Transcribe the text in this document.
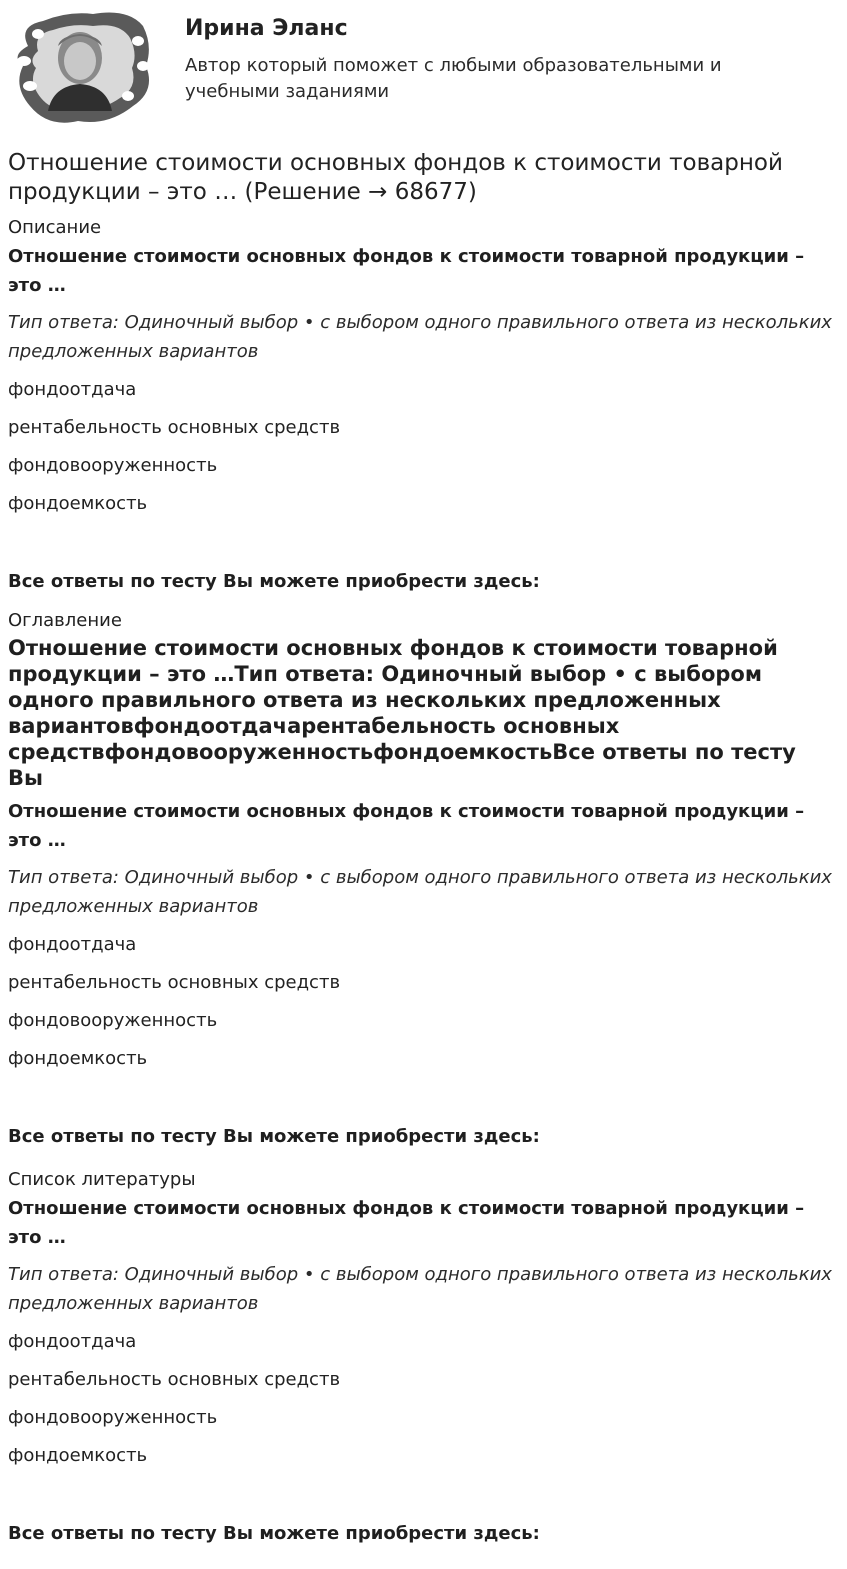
Ирина Эланс
Автор который поможет с любыми образовательными и учебными заданиями
Отношение стоимости основных фондов к стоимости товарной продукции – это … (Решение → 68677)

Описание

Отношение стоимости основных фондов к стоимости товарной продукции – это …

Тип ответа: Одиночный выбор • с выбором одного правильного ответа из нескольких предложенных вариантов

фондоотдача

рентабельность основных средств

фондовооруженность

фондоемкость

Все ответы по тесту Вы можете приобрести здесь:

Оглавление

Отношение стоимости основных фондов к стоимости товарной продукции – это …Тип ответа: Одиночный выбор • с выбором одного правильного ответа из нескольких предложенных вариантовфондоотдачарентабельность основных средствфондовооруженностьфондоемкостьВсе ответы по тесту Вы

Отношение стоимости основных фондов к стоимости товарной продукции – это …

Тип ответа: Одиночный выбор • с выбором одного правильного ответа из нескольких предложенных вариантов

фондоотдача

рентабельность основных средств

фондовооруженность

фондоемкость

Все ответы по тесту Вы можете приобрести здесь:

Список литературы

Отношение стоимости основных фондов к стоимости товарной продукции – это …

Тип ответа: Одиночный выбор • с выбором одного правильного ответа из нескольких предложенных вариантов

фондоотдача

рентабельность основных средств

фондовооруженность

фондоемкость

Все ответы по тесту Вы можете приобрести здесь:
